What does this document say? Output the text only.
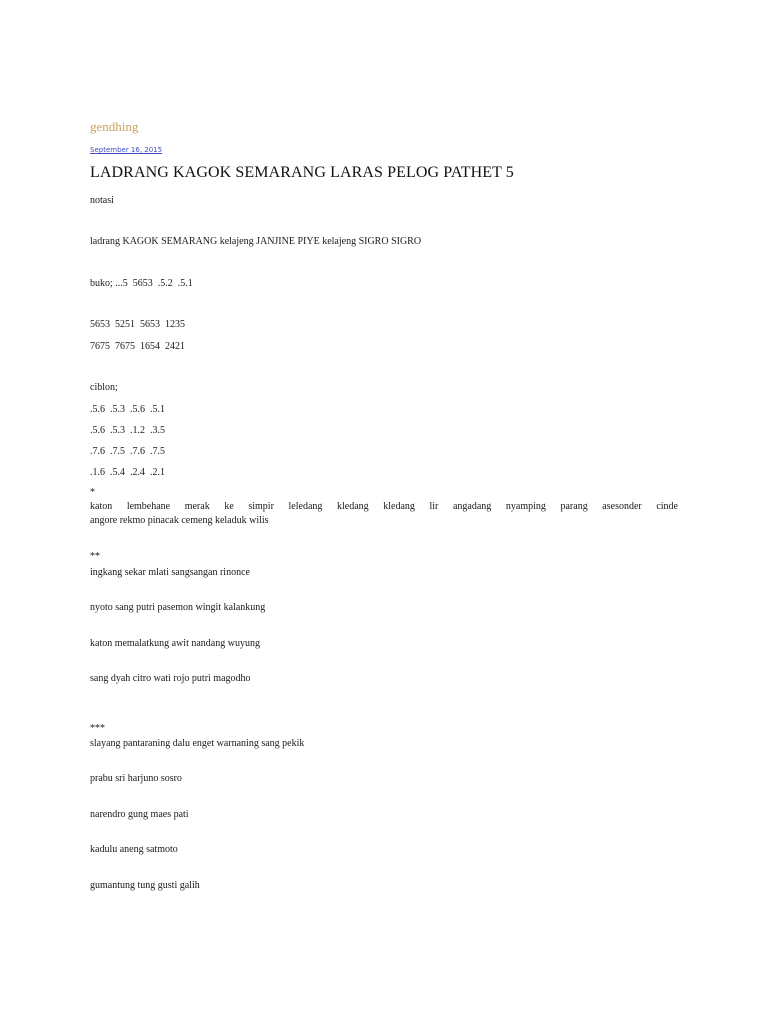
gendhing
September 16, 2015
LADRANG KAGOK SEMARANG LARAS PELOG PATHET 5
notasi
ladrang KAGOK SEMARANG kelajeng JANJINE PIYE kelajeng SIGRO SIGRO
buko; ...5  5653  .5.2  .5.1
5653  5251  5653  1235
7675  7675  1654  2421
ciblon;
.5.6  .5.3  .5.6  .5.1
.5.6  .5.3  .1.2  .3.5
.7.6  .7.5  .7.6  .7.5
.1.6  .5.4  .2.4  .2.1
*
katon lembehane merak ke simpir leledang kledang kledang lir angadang nyamping parang asesonder cinde
angore rekmo pinacak cemeng keladuk wilis
**
ingkang sekar mlati sangsangan rinonce
nyoto sang putri pasemon wingit kalankung
katon memalatkung awit nandang wuyung
sang dyah citro wati rojo putri magodho
***
slayang pantaraning dalu enget warnaning sang pekik
prabu sri harjuno sosro
narendro gung maes pati
kadulu aneng satmoto
gumantung tung gusti galih
